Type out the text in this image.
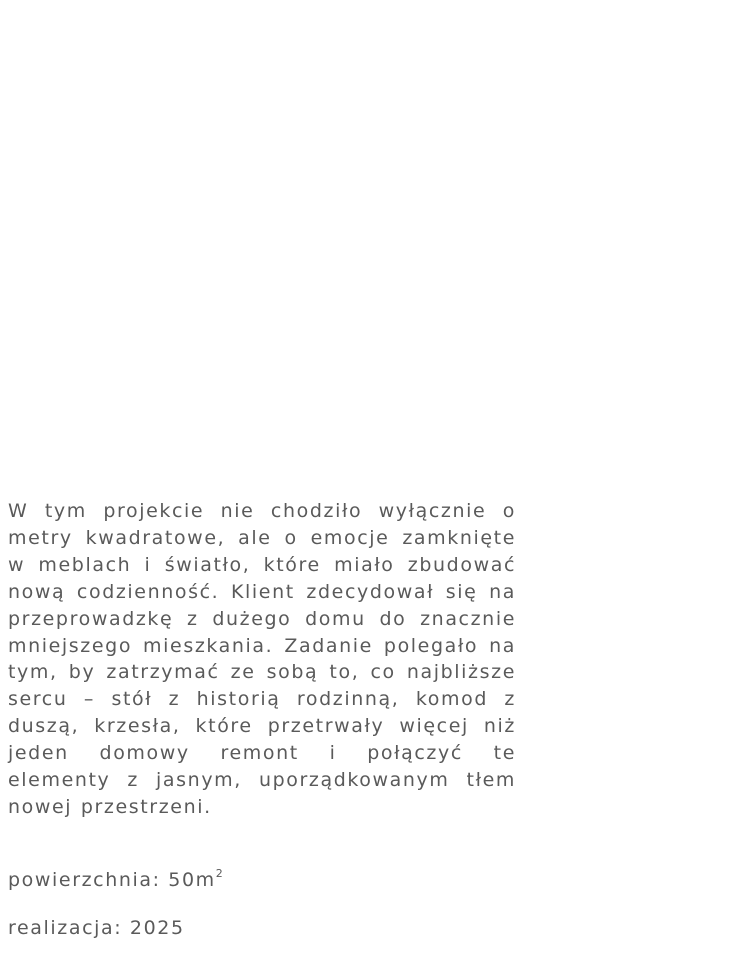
W tym projekcie nie chodziło wyłącznie o metry kwadratowe, ale o emocje zamknięte w meblach i światło, które miało zbudować nową codzienność. Klient zdecydował się na przeprowadzkę z dużego domu do znacznie mniejszego mieszkania. Zadanie polegało na tym, by zatrzymać ze sobą to, co najbliższe sercu – stół z historią rodzinną, komod z duszą, krzesła, które przetrwały więcej niż jeden domowy remont i połączyć te elementy z jasnym, uporządkowanym tłem nowej przestrzeni.

powierzchnia: $50m^2$

realizacja: 2025
